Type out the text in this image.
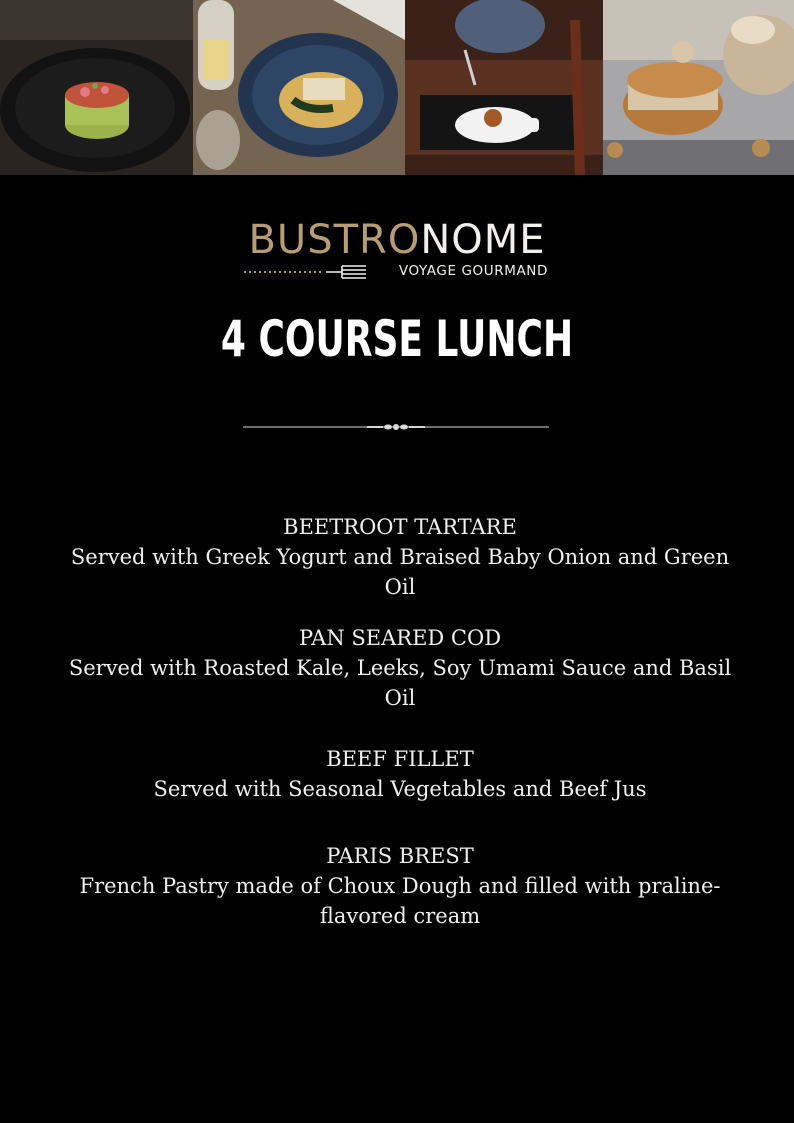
BUSTRONOME
VOYAGE GOURMAND
4 COURSE LUNCH
BEETROOT TARTARE
Served with Greek Yogurt and Braised Baby Onion and Green Oil
PAN SEARED COD
Served with Roasted Kale, Leeks, Soy Umami Sauce and Basil Oil
BEEF FILLET
Served with Seasonal Vegetables and Beef Jus
PARIS BREST
French Pastry made of Choux Dough and filled with praline-flavored cream
